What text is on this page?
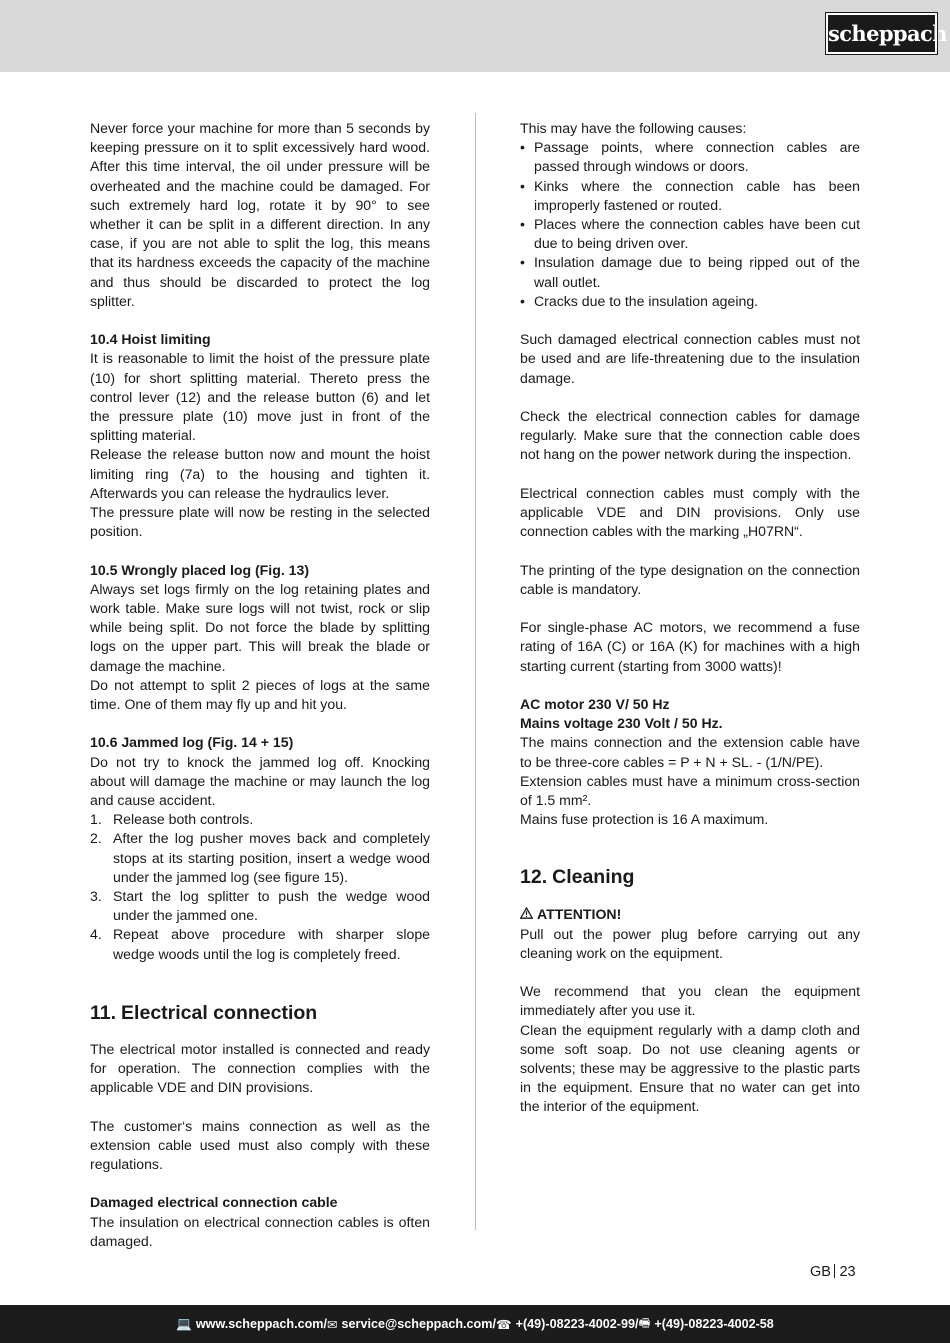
scheppach

Never force your machine for more than 5 seconds by keeping pressure on it to split excessively hard wood. After this time interval, the oil under pressure will be overheated and the machine could be damaged. For such extremely hard log, rotate it by 90° to see whether it can be split in a different direction. In any case, if you are not able to split the log, this means that its hardness exceeds the capacity of the machine and thus should be discarded to protect the log splitter.

10.4 Hoist limiting

It is reasonable to limit the hoist of the pressure plate (10) for short splitting material. Thereto press the control lever (12) and the release button (6) and let the pressure plate (10) move just in front of the splitting material.

Release the release button now and mount the hoist limiting ring (7a) to the housing and tighten it. Afterwards you can release the hydraulics lever.

The pressure plate will now be resting in the selected position.

10.5 Wrongly placed log (Fig. 13)

Always set logs firmly on the log retaining plates and work table. Make sure logs will not twist, rock or slip while being split. Do not force the blade by splitting logs on the upper part. This will break the blade or damage the machine.

Do not attempt to split 2 pieces of logs at the same time. One of them may fly up and hit you.

10.6 Jammed log (Fig. 14 + 15)

Do not try to knock the jammed log off. Knocking about will damage the machine or may launch the log and cause accident.

1. Release both controls.
2. After the log pusher moves back and completely stops at its starting position, insert a wedge wood under the jammed log (see figure 15).
3. Start the log splitter to push the wedge wood under the jammed one.
4. Repeat above procedure with sharper slope wedge woods until the log is completely freed.
11. Electrical connection

The electrical motor installed is connected and ready for operation. The connection complies with the applicable VDE and DIN provisions.

The customer‘s mains connection as well as the extension cable used must also comply with these regulations.

Damaged electrical connection cable

The insulation on electrical connection cables is often damaged.

This may have the following causes:

• Passage points, where connection cables are passed through windows or doors.
• Kinks where the connection cable has been improperly fastened or routed.
• Places where the connection cables have been cut due to being driven over.
• Insulation damage due to being ripped out of the wall outlet.
• Cracks due to the insulation ageing.

Such damaged electrical connection cables must not be used and are life-threatening due to the insulation damage.

Check the electrical connection cables for damage regularly. Make sure that the connection cable does not hang on the power network during the inspection.

Electrical connection cables must comply with the applicable VDE and DIN provisions. Only use connection cables with the marking „H07RN“.

The printing of the type designation on the connection cable is mandatory.

For single-phase AC motors, we recommend a fuse rating of 16A (C) or 16A (K) for machines with a high starting current (starting from 3000 watts)!

AC motor 230 V/ 50 Hz
Mains voltage 230 Volt / 50 Hz.

The mains connection and the extension cable have to be three-core cables = P + N + SL. - (1/N/PE).

Extension cables must have a minimum cross-section of 1.5 mm².

Mains fuse protection is 16 A maximum.

12. Cleaning
ATTENTION!

Pull out the power plug before carrying out any cleaning work on the equipment.

We recommend that you clean the equipment immediately after you use it.

Clean the equipment regularly with a damp cloth and some soft soap. Do not use cleaning agents or solvents; these may be aggressive to the plastic parts in the equipment. Ensure that no water can get into the interior of the equipment.

GB 23
💻 www.scheppach.com / ✉ service@scheppach.com / ☎ +(49)-08223-4002-99 / 🖷 +(49)-08223-4002-58
